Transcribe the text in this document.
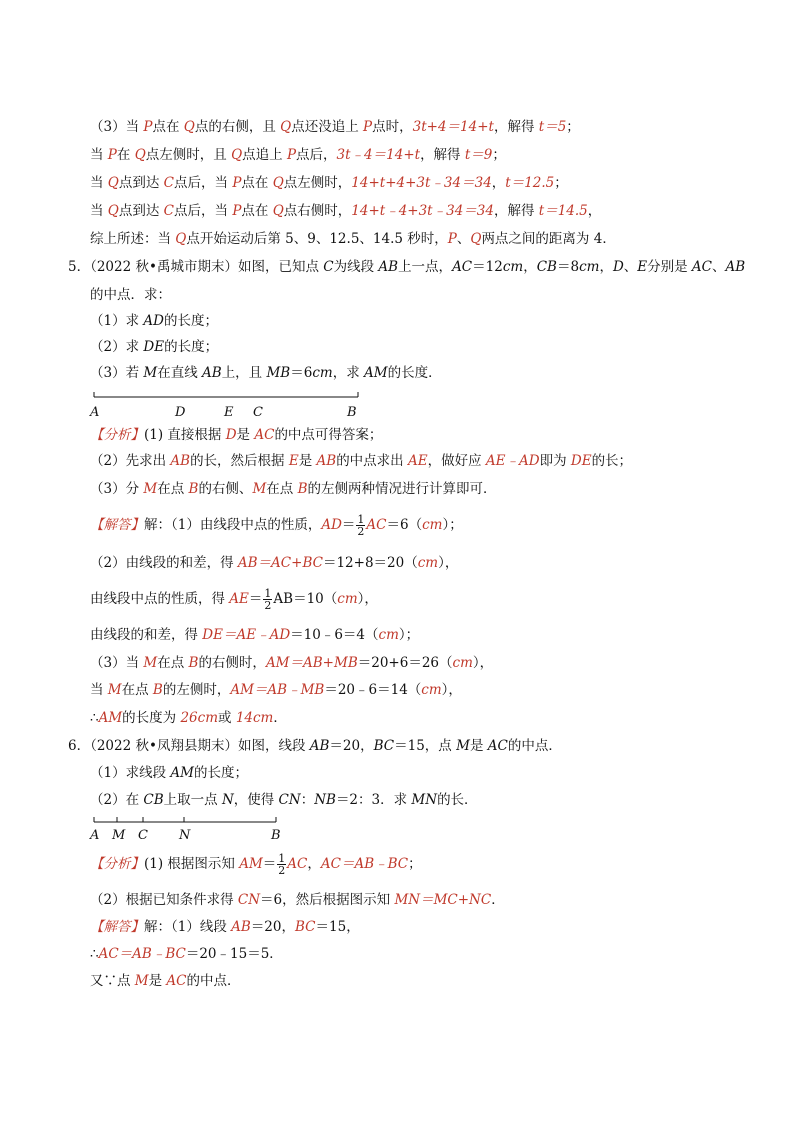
（3）当 P点在 Q点的右侧，且 Q点还没追上 P点时，3t+4＝14+t，解得 t＝5；
当 P在 Q点左侧时，且 Q点追上 P点后，3t﹣4＝14+t，解得 t＝9；
当 Q点到达 C点后，当 P点在 Q点左侧时，14+t+4+3t﹣34＝34，t＝12.5；
当 Q点到达 C点后，当 P点在 Q点右侧时，14+t﹣4+3t﹣34＝34，解得 t＝14.5，
综上所述：当 Q点开始运动后第 5、9、12.5、14.5 秒时，P、Q两点之间的距离为 4．
5．（2022 秋•禹城市期末）如图，已知点 C为线段 AB上一点，AC＝12cm，CB＝8cm，D、E分别是 AC、AB
的中点．求：
（1）求 AD的长度；
（2）求 DE的长度；
（3）若 M在直线 AB上，且 MB＝6cm，求 AM的长度．
A	D	E C	B
【分析】(1) 直接根据 D是 AC的中点可得答案；
（2）先求出 AB的长，然后根据 E是 AB的中点求出 AE，做好应 AE﹣AD即为 DE的长；
（3）分 M在点 B的右侧、M在点 B的左侧两种情况进行计算即可．
【解答】解：（1）由线段中点的性质，$AD= \frac{1}{2} AC=6(cm)$；
（2）由线段的和差，得 AB＝AC+BC＝12+8＝20（cm），
由线段中点的性质，得 $AE= \frac{1}{2} AB=10(cm)$，
由线段的和差，得 DE＝AE﹣AD＝10﹣6＝4（cm）；
（3）当 M在点 B的右侧时，AM＝AB+MB＝20+6＝26（cm），
当 M在点 B的左侧时，AM＝AB﹣MB＝20﹣6＝14（cm），
∴AM的长度为 26cm或 14cm．
6．（2022 秋•凤翔县期末）如图，线段 AB＝20，BC＝15，点 M是 AC的中点．
（1）求线段 AM的长度；
（2）在 CB上取一点 N，使得 CN：NB＝2：3．求 MN的长．
A M C N	B
【分析】(1) 根据图示知 $AM= \frac{1}{2}$ AC，AC＝AB﹣BC；
（2）根据已知条件求得 CN＝6，然后根据图示知 MN＝MC+NC．
【解答】解：（1）线段 AB＝20，BC＝15，
∴AC＝AB﹣BC＝20﹣15＝5．
又∵点 M是 AC的中点．
